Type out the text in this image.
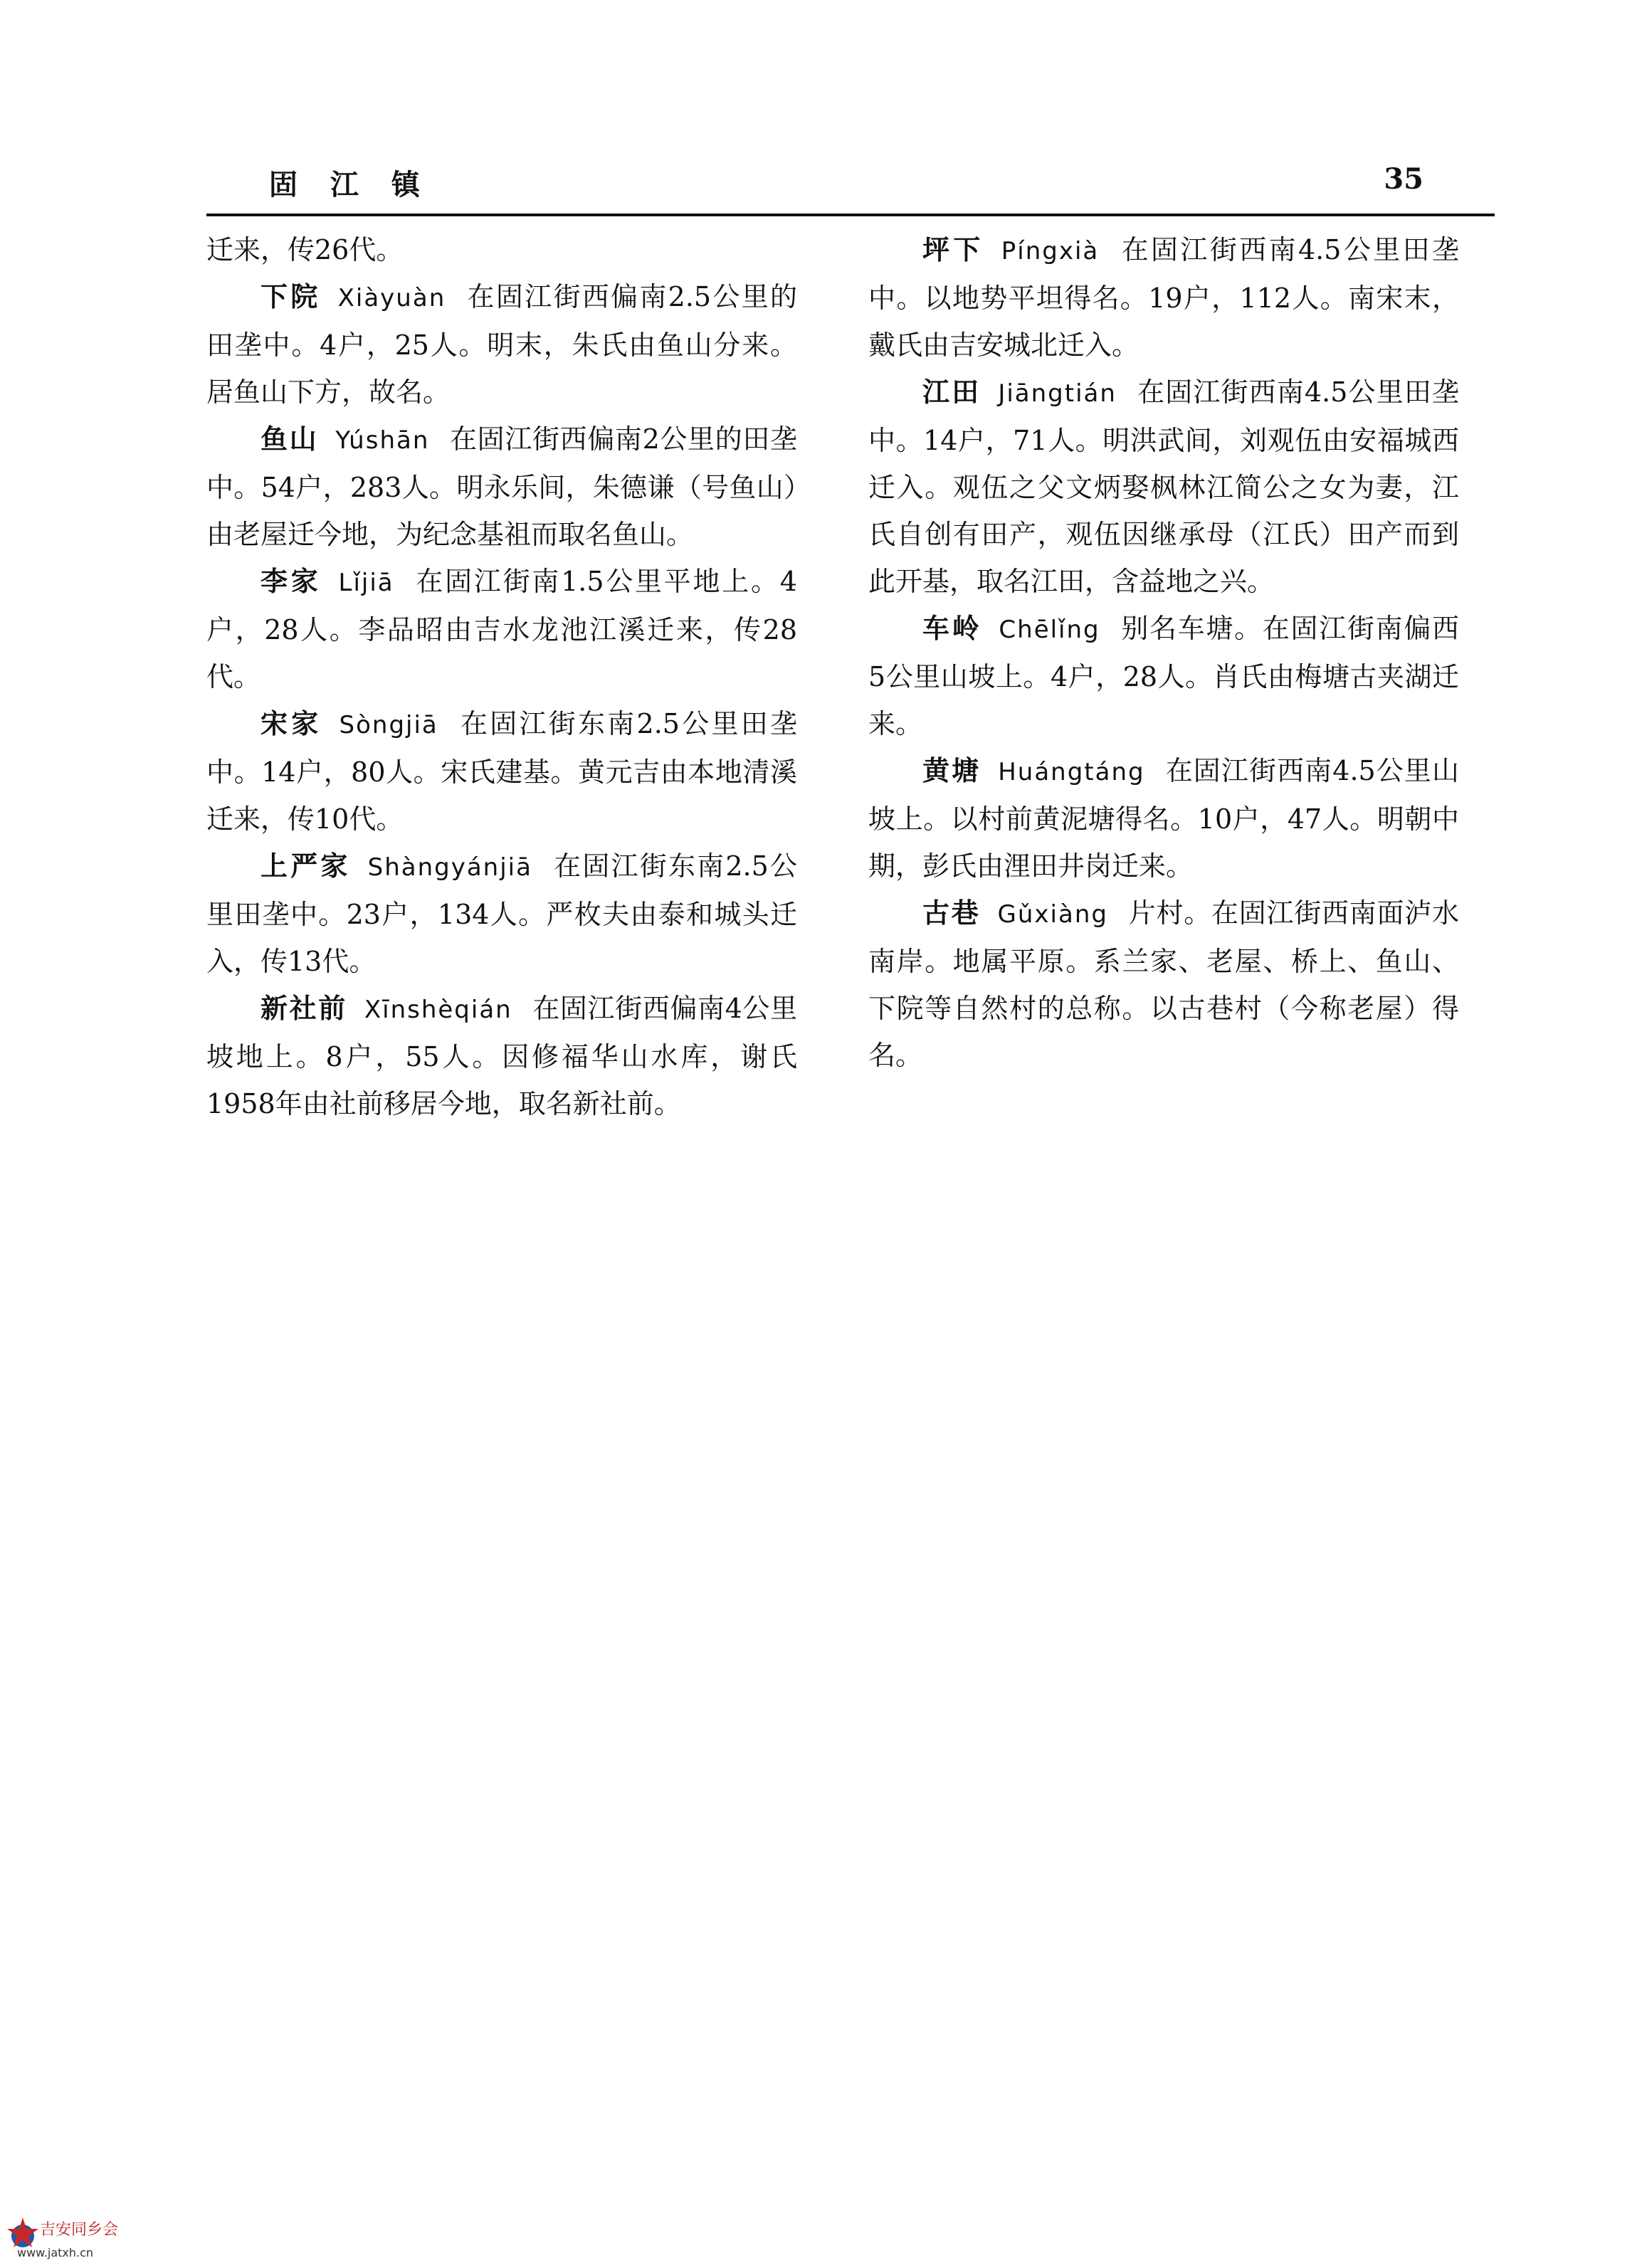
固 江 镇	35

迁来，传26代。

下院 Xiàyuàn 在固江街西偏南2.5公里的田垄中。4户，25人。明末，朱氏由鱼山分来。居鱼山下方，故名。

鱼山 Yúshān 在固江街西偏南2公里的田垄中。54户，283人。明永乐间，朱德谦（号鱼山）由老屋迁今地，为纪念基祖而取名鱼山。

李家 Lǐjiā 在固江街南1.5公里平地上。4户，28人。李品昭由吉水龙池江溪迁来，传28代。

宋家 Sòngjiā 在固江街东南2.5公里田垄中。14户，80人。宋氏建基。黄元吉由本地清溪迁来，传10代。

上严家 Shàngyánjiā 在固江街东南2.5公里田垄中。23户，134人。严枚夫由泰和城头迁入，传13代。

新社前 Xīnshèqián 在固江街西偏南4公里坡地上。8户，55人。因修福华山水库，谢氏1958年由社前移居今地，取名新社前。

坪下 Píngxià 在固江街西南4.5公里田垄中。以地势平坦得名。19户，112人。南宋末，戴氏由吉安城北迁入。

江田 Jiāngtián 在固江街西南4.5公里田垄中。14户，71人。明洪武间，刘观伍由安福城西迁入。观伍之父文炳娶枫林江简公之女为妻，江氏自创有田产，观伍因继承母（江氏）田产而到此开基，取名江田，含益地之兴。

车岭 Chēlǐng 别名车塘。在固江街南偏西5公里山坡上。4户，28人。肖氏由梅塘古夹湖迁来。

黄塘 Huángtáng 在固江街西南4.5公里山坡上。以村前黄泥塘得名。10户，47人。明朝中期，彭氏由浬田井岗迁来。

古巷 Gǔxiàng 片村。在固江街西南面泸水南岸。地属平原。系兰家、老屋、桥上、鱼山、下院等自然村的总称。以古巷村（今称老屋）得名。

吉安同乡会
www.jatxh.cn
